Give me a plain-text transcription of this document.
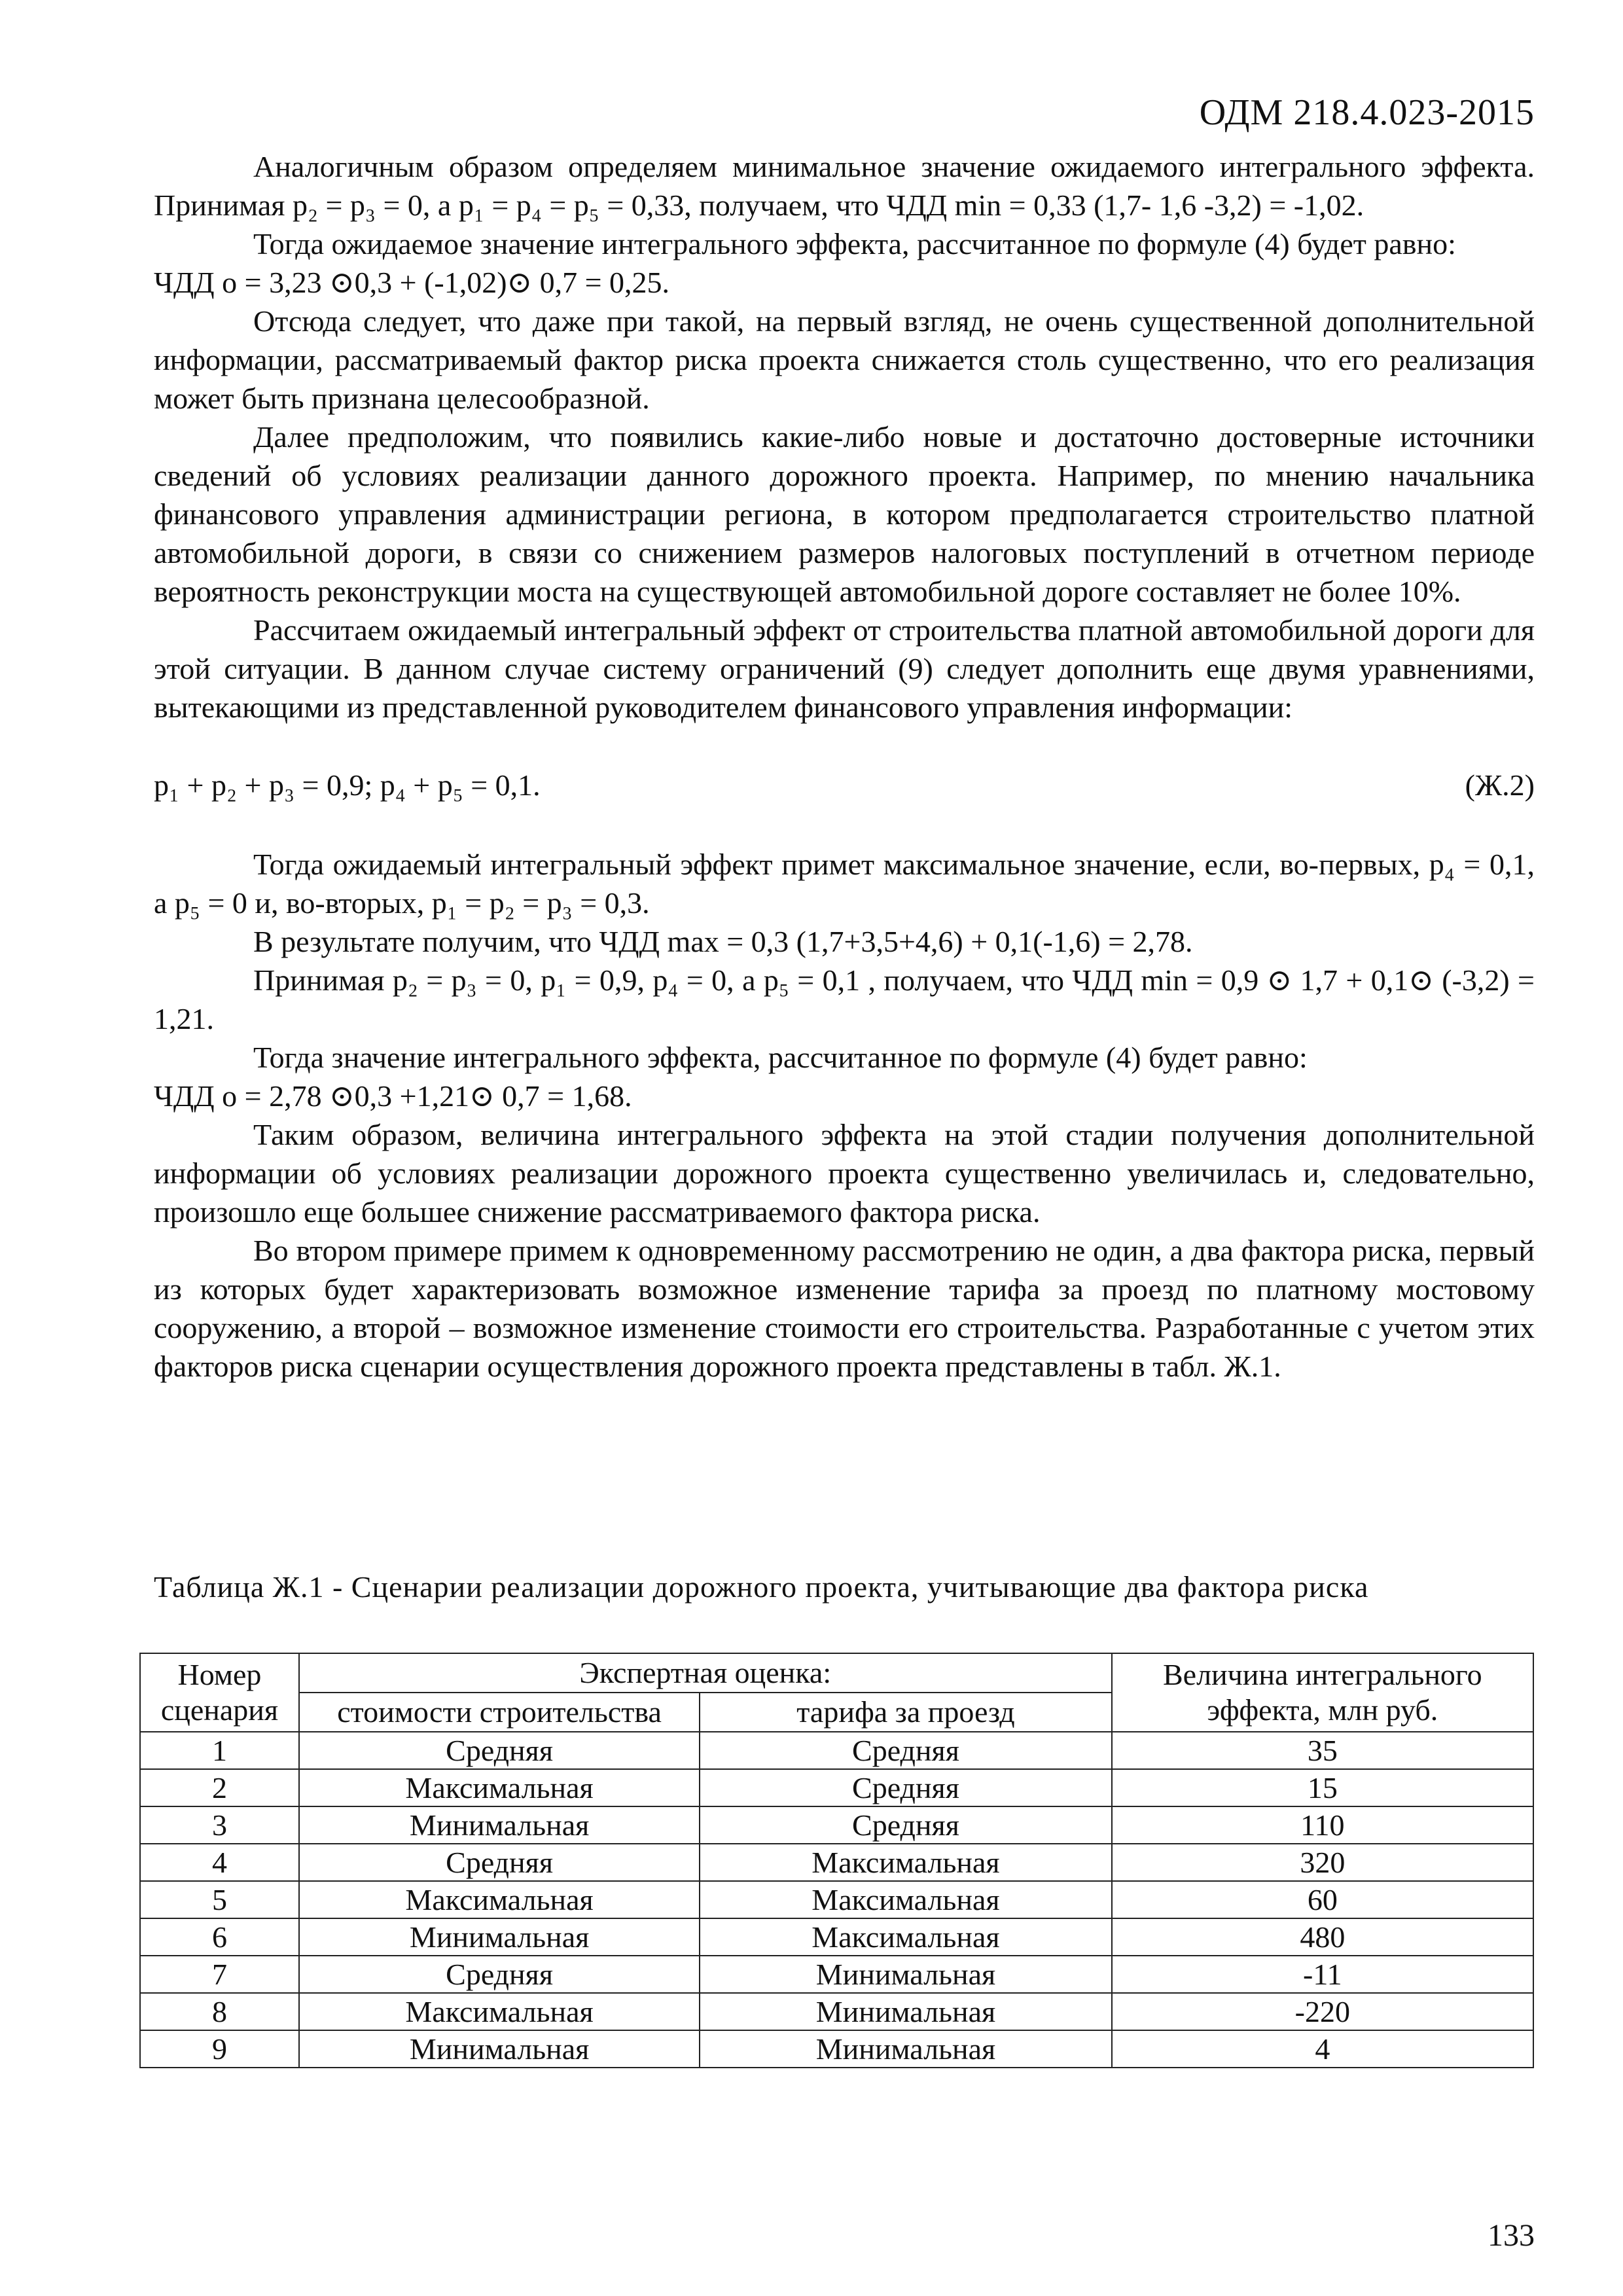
ОДМ 218.4.023-2015

Аналогичным образом определяем минимальное значение ожидаемого интегрального эффекта. Принимая p₂ = p₃ = 0, а p₁ = p₄ = p₅ = 0,33, получаем, что ЧДД min = 0,33 (1,7- 1,6 -3,2) = -1,02.

Тогда ожидаемое значение интегрального эффекта, рассчитанное по формуле (4) будет равно:

ЧДД o = 3,23 ⊙0,3 + (-1,02)⊙ 0,7 = 0,25.

Отсюда следует, что даже при такой, на первый взгляд, не очень существенной дополнительной информации, рассматриваемый фактор риска проекта снижается столь существенно, что его реализация может быть признана целесообразной.

Далее предположим, что появились какие-либо новые и достаточно достоверные источники сведений об условиях реализации данного дорожного проекта. Например, по мнению начальника финансового управления администрации региона, в котором предполагается строительство платной автомобильной дороги, в связи со снижением размеров налоговых поступлений в отчетном периоде вероятность реконструкции моста на существующей автомобильной дороге составляет не более 10%.

Рассчитаем ожидаемый интегральный эффект от строительства платной автомобильной дороги для этой ситуации. В данном случае систему ограничений (9) следует дополнить еще двумя уравнениями, вытекающими из представленной руководителем финансового управления информации:

p₁ + p₂ + p₃ = 0,9; p₄ + p₅ = 0,1.	(Ж.2)

Тогда ожидаемый интегральный эффект примет максимальное значение, если, во-первых, p₄ = 0,1, а p₅ = 0 и, во-вторых, p₁ = p₂ = p₃ = 0,3.

В результате получим, что ЧДД max = 0,3 (1,7+3,5+4,6) + 0,1(-1,6) = 2,78.

Принимая p₂ = p₃ = 0, p₁ = 0,9, p₄ = 0, а p₅ = 0,1 , получаем, что ЧДД min = 0,9 ⊙ 1,7 + 0,1⊙ (-3,2) = 1,21.

Тогда значение интегрального эффекта, рассчитанное по формуле (4) будет равно:

ЧДД o = 2,78 ⊙0,3 +1,21⊙ 0,7 = 1,68.

Таким образом, величина интегрального эффекта на этой стадии получения дополнительной информации об условиях реализации дорожного проекта существенно увеличилась и, следовательно, произошло еще большее снижение рассматриваемого фактора риска.

Во втором примере примем к одновременному рассмотрению не один, а два фактора риска, первый из которых будет характеризовать возможное изменение тарифа за проезд по платному мостовому сооружению, а второй – возможное изменение стоимости его строительства. Разработанные с учетом этих факторов риска сценарии осуществления дорожного проекта представлены в табл. Ж.1.

Таблица Ж.1 - Сценарии реализации дорожного проекта, учитывающие два фактора риска
Номер сценария	Экспертная оценка:		Величина интегрального эффекта, млн руб.
	стоимости строительства	тарифа за проезд	
1	Средняя	Средняя	35
2	Максимальная	Средняя	15
3	Минимальная	Средняя	110
4	Средняя	Максимальная	320
5	Максимальная	Максимальная	60
6	Минимальная	Максимальная	480
7	Средняя	Минимальная	-11
8	Максимальная	Минимальная	-220
9	Минимальная	Минимальная	4
133
